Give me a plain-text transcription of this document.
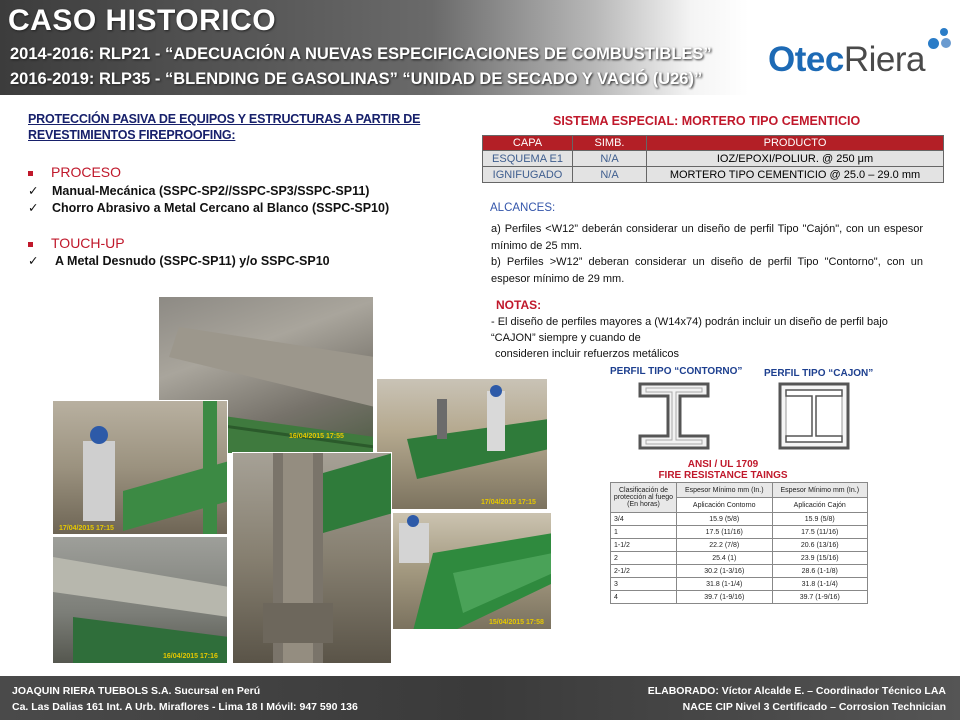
CASO HISTORICO
2014-2016: RLP21 - “ADECUACIÓN A NUEVAS ESPECIFICACIONES DE COMBUSTIBLES”
2016-2019: RLP35 - “BLENDING DE GASOLINAS” “UNIDAD DE SECADO Y VACIÓ (U26)” OtecRiera
PROTECCIÓN PASIVA DE EQUIPOS Y ESTRUCTURAS A PARTIR DE
REVESTIMIENTOS FIREPROOFING:
PROCESO
✓ Manual-Mecánica (SSPC-SP2//SSPC-SP3/SSPC-SP11)
✓ Chorro Abrasivo a Metal Cercano al Blanco (SSPC-SP10)
TOUCH-UP
✓ A Metal Desnudo (SSPC-SP11) y/o SSPC-SP10
16/04/2015 17:55
17/04/2015 17:15
17/04/2015 17:15
16/04/2015 17:16
15/04/2015 17:58
SISTEMA ESPECIAL: MORTERO TIPO CEMENTICIO
CAPA	SIMB.	PRODUCTO
ESQUEMA E1	N/A	IOZ/EPOXI/POLIUR. @ 250 μm
IGNIFUGADO	N/A	MORTERO TIPO CEMENTICIO @ 25.0 – 29.0 mm
ALCANCES:
a) Perfiles <W12” deberán considerar un diseño de perfil Tipo "Cajón", con un espesor mínimo de 25 mm.
b) Perfiles >W12” deberan considerar un diseño de perfil Tipo "Contorno", con un espesor mínimo de 29 mm.
NOTAS:
- El diseño de perfiles mayores a (W14x74) podrán incluir un diseño de perfil bajo
“CAJON” siempre y cuando de
consideren incluir refuerzos metálicos
PERFIL TIPO “CONTORNO” PERFIL TIPO “CAJON”
ANSI / UL 1709
FIRE RESISTANCE TAINGS
Clasificación de protección al fuego (En horas)	Espesor Mínimo mm (In.)	Espesor Mínimo mm (In.)
	Aplicación Contorno	Aplicación Cajón
3/4	15.9 (5/8)	15.9 (5/8)
1	17.5 (11/16)	17.5 (11/16)
1-1/2	22.2 (7/8)	20.6 (13/16)
2	25.4 (1)	23.9 (15/16)
2-1/2	30.2 (1-3/16)	28.6 (1-1/8)
3	31.8 (1-1/4)	31.8 (1-1/4)
4	39.7 (1-9/16)	39.7 (1-9/16)
JOAQUIN RIERA TUEBOLS S.A. Sucursal en Perú
Ca. Las Dalias 161 Int. A Urb. Miraflores - Lima 18 I Móvil: 947 590 136
ELABORADO: Víctor Alcalde E. – Coordinador Técnico LAA
NACE CIP Nivel 3 Certificado – Corrosion Technician
